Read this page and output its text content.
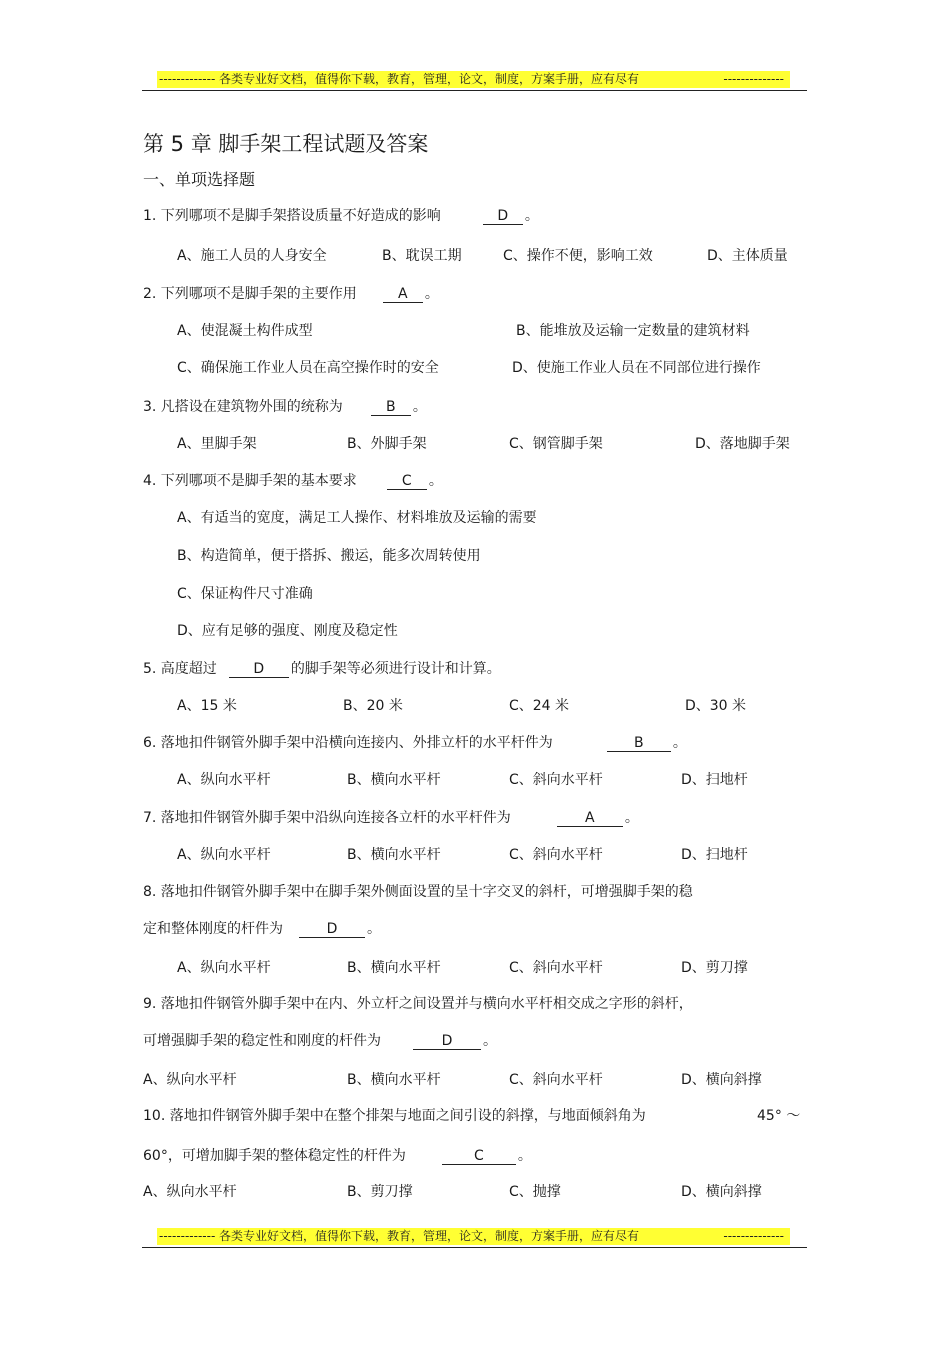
------------- 各类专业好文档，值得你下载，教育，管理，论文，制度，方案手册，应有尽有	--------------
第 5 章 脚手架工程试题及答案
一、单项选择题
1. 下列哪项不是脚手架搭设质量不好造成的影响	D 。
A、施工人员的人身安全	B、耽误工期	C、操作不便，影响工效	D、主体质量
2. 下列哪项不是脚手架的主要作用	A 。
A、使混凝土构件成型	B、能堆放及运输一定数量的建筑材料
C、确保施工作业人员在高空操作时的安全	D、使施工作业人员在不同部位进行操作
3. 凡搭设在建筑物外围的统称为	B 。
A、里脚手架	B、外脚手架	C、钢管脚手架	D、落地脚手架
4. 下列哪项不是脚手架的基本要求	C 。
A、有适当的宽度，满足工人操作、材料堆放及运输的需要
B、构造简单，便于搭拆、搬运，能多次周转使用
C、保证构件尺寸准确
D、应有足够的强度、刚度及稳定性
5. 高度超过	D 的脚手架等必须进行设计和计算。
A、15 米	B、20 米	C、24 米	D、30 米
6. 落地扣件钢管外脚手架中沿横向连接内、外排立杆的水平杆件为	B 。
A、纵向水平杆	B、横向水平杆	C、斜向水平杆	D、扫地杆
7. 落地扣件钢管外脚手架中沿纵向连接各立杆的水平杆件为	A 。
A、纵向水平杆	B、横向水平杆	C、斜向水平杆	D、扫地杆
8. 落地扣件钢管外脚手架中在脚手架外侧面设置的呈十字交叉的斜杆，可增强脚手架的稳
定和整体刚度的杆件为	D 。
A、纵向水平杆	B、横向水平杆	C、斜向水平杆	D、剪刀撑
9. 落地扣件钢管外脚手架中在内、外立杆之间设置并与横向水平杆相交成之字形的斜杆，
可增强脚手架的稳定性和刚度的杆件为	D 。
A、纵向水平杆	B、横向水平杆	C、斜向水平杆	D、横向斜撑
10. 落地扣件钢管外脚手架中在整个排架与地面之间引设的斜撑，与地面倾斜角为	45° ～
60°，可增加脚手架的整体稳定性的杆件为	C 。
A、纵向水平杆	B、剪刀撑	C、抛撑	D、横向斜撑
------------- 各类专业好文档，值得你下载，教育，管理，论文，制度，方案手册，应有尽有	--------------
